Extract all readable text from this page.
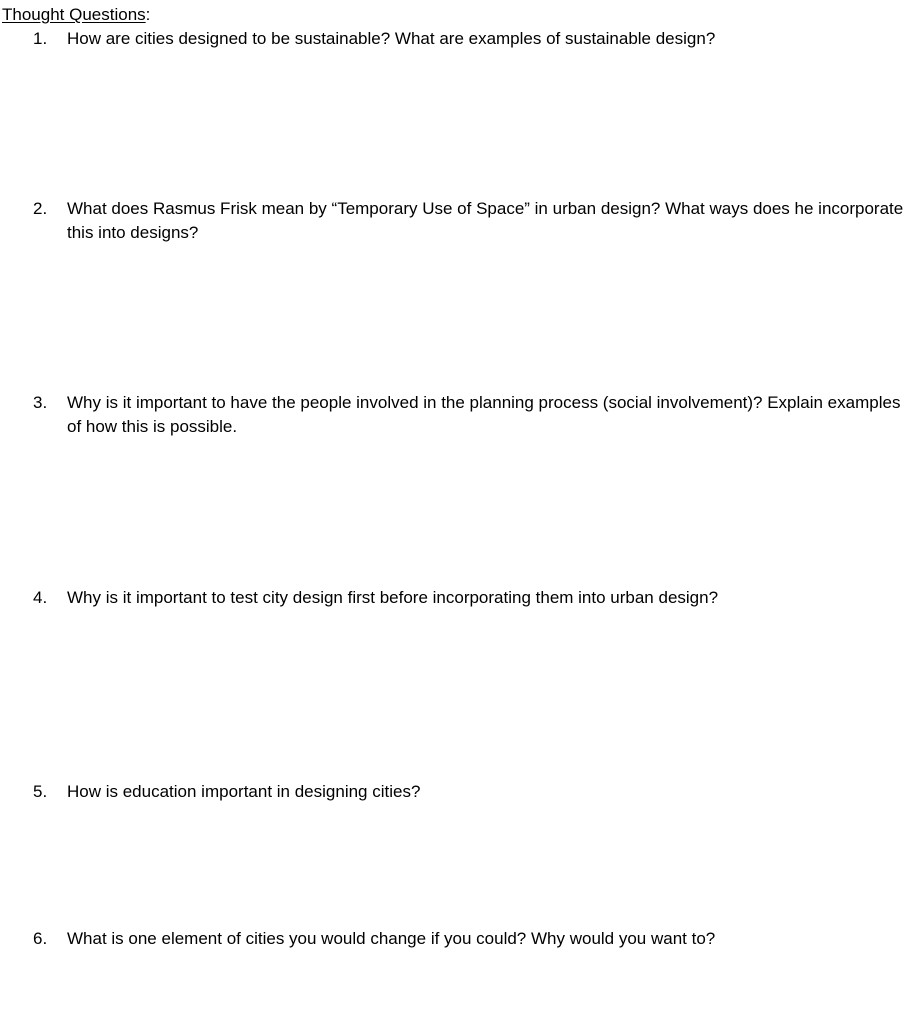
Thought Questions:
1. How are cities designed to be sustainable? What are examples of sustainable design?
2. What does Rasmus Frisk mean by “Temporary Use of Space” in urban design? What ways does he incorporate this into designs?
3. Why is it important to have the people involved in the planning process (social involvement)? Explain examples of how this is possible.
4. Why is it important to test city design first before incorporating them into urban design?
5. How is education important in designing cities?
6. What is one element of cities you would change if you could? Why would you want to?
